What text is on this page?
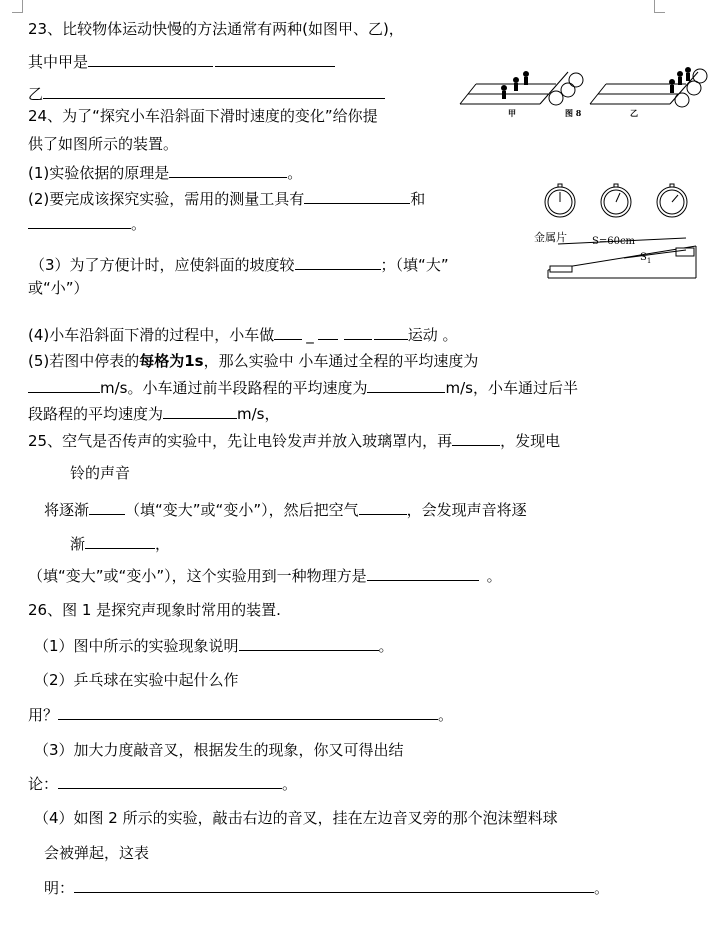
23、比较物体运动快慢的方法通常有两种(如图甲、乙)，
其中甲是
乙
甲	图 8	乙
24、为了“探究小车沿斜面下滑时速度的变化”给你提
供了如图所示的装置。
(1)实验依据的原理是	。
(2)要完成该探究实验，需用的测量工具有	和
。
金属片	S=60cm
$S_1$
（3）为了方便计时，应使斜面的坡度较	；（填“大”
或“小”）
(4)小车沿斜面下滑的过程中，小车做 _	运动 。
(5)若图中停表的每格为1s，那么实验中 小车通过全程的平均速度为
m/s。小车通过前半段路程的平均速度为	m/s，小车通过后半
段路程的平均速度为	m/s，
25、空气是否传声的实验中，先让电铃发声并放入玻璃罩内，再	，发现电
铃的声音
将逐渐 （填“变大”或“变小”），然后把空气	，会发现声音将逐
渐	，
（填“变大”或“变小”），这个实验用到一种物理方是	。
26、图 1 是探究声现象时常用的装置.
（1）图中所示的实验现象说明	。
（2）乒乓球在实验中起什么作
用？	。
（3）加大力度敲音叉，根据发生的现象，你又可得出结
论：	。
（4）如图 2 所示的实验，敲击右边的音叉，挂在左边音叉旁的那个泡沫塑料球
会被弹起，这表
明：	。
